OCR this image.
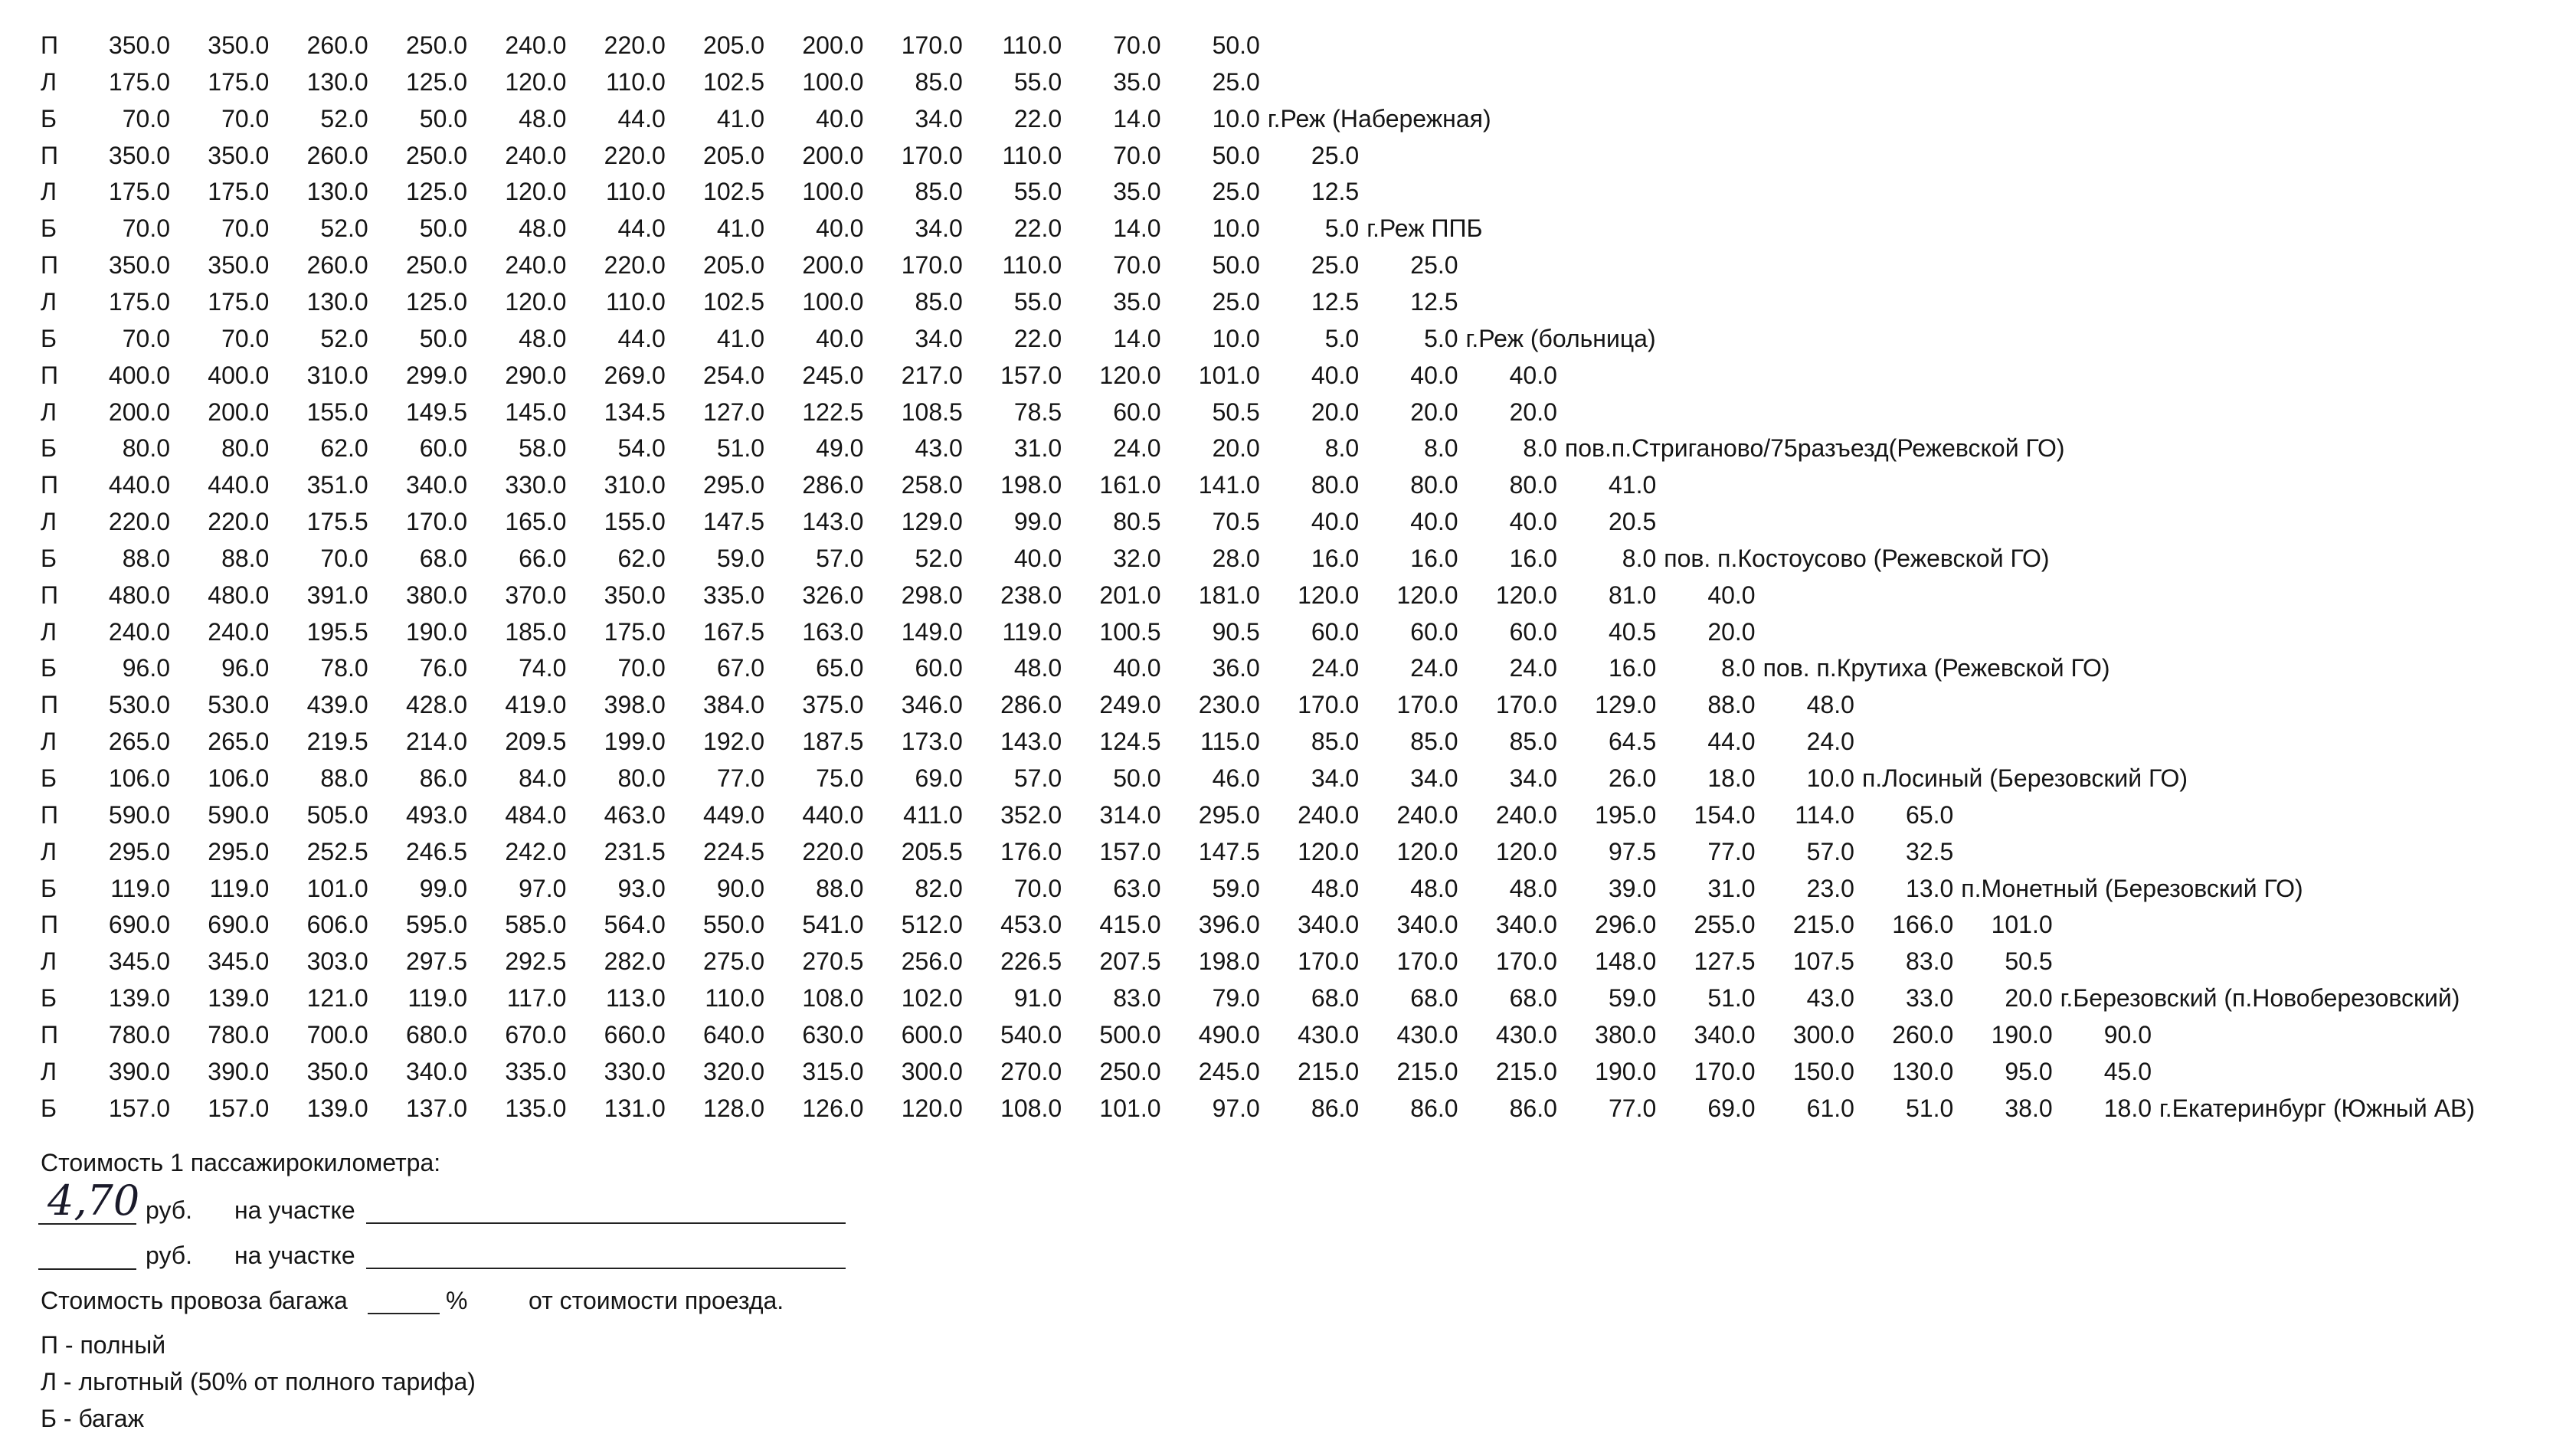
П	350.0	350.0	260.0	250.0	240.0	220.0	205.0	200.0	170.0	110.0	70.0	50.0
Л	175.0	175.0	130.0	125.0	120.0	110.0	102.5	100.0	85.0	55.0	35.0	25.0
Б	70.0	70.0	52.0	50.0	48.0	44.0	41.0	40.0	34.0	22.0	14.0	10.0 г.Реж (Набережная)
П	350.0	350.0	260.0	250.0	240.0	220.0	205.0	200.0	170.0	110.0	70.0	50.0	25.0
Л	175.0	175.0	130.0	125.0	120.0	110.0	102.5	100.0	85.0	55.0	35.0	25.0	12.5
Б	70.0	70.0	52.0	50.0	48.0	44.0	41.0	40.0	34.0	22.0	14.0	10.0	5.0 г.Реж ППБ
П	350.0	350.0	260.0	250.0	240.0	220.0	205.0	200.0	170.0	110.0	70.0	50.0	25.0	25.0
Л	175.0	175.0	130.0	125.0	120.0	110.0	102.5	100.0	85.0	55.0	35.0	25.0	12.5	12.5
Б	70.0	70.0	52.0	50.0	48.0	44.0	41.0	40.0	34.0	22.0	14.0	10.0	5.0	5.0 г.Реж (больница)
П	400.0	400.0	310.0	299.0	290.0	269.0	254.0	245.0	217.0	157.0	120.0	101.0	40.0	40.0	40.0
Л	200.0	200.0	155.0	149.5	145.0	134.5	127.0	122.5	108.5	78.5	60.0	50.5	20.0	20.0	20.0
Б	80.0	80.0	62.0	60.0	58.0	54.0	51.0	49.0	43.0	31.0	24.0	20.0	8.0	8.0	8.0 пов.п.Стриганово/75разъезд(Режевской ГО)
П	440.0	440.0	351.0	340.0	330.0	310.0	295.0	286.0	258.0	198.0	161.0	141.0	80.0	80.0	80.0	41.0
Л	220.0	220.0	175.5	170.0	165.0	155.0	147.5	143.0	129.0	99.0	80.5	70.5	40.0	40.0	40.0	20.5
Б	88.0	88.0	70.0	68.0	66.0	62.0	59.0	57.0	52.0	40.0	32.0	28.0	16.0	16.0	16.0	8.0 пов. п.Костоусово (Режевской ГО)
П	480.0	480.0	391.0	380.0	370.0	350.0	335.0	326.0	298.0	238.0	201.0	181.0	120.0	120.0	120.0	81.0	40.0
Л	240.0	240.0	195.5	190.0	185.0	175.0	167.5	163.0	149.0	119.0	100.5	90.5	60.0	60.0	60.0	40.5	20.0
Б	96.0	96.0	78.0	76.0	74.0	70.0	67.0	65.0	60.0	48.0	40.0	36.0	24.0	24.0	24.0	16.0	8.0 пов. п.Крутиха (Режевской ГО)
П	530.0	530.0	439.0	428.0	419.0	398.0	384.0	375.0	346.0	286.0	249.0	230.0	170.0	170.0	170.0	129.0	88.0	48.0
Л	265.0	265.0	219.5	214.0	209.5	199.0	192.0	187.5	173.0	143.0	124.5	115.0	85.0	85.0	85.0	64.5	44.0	24.0
Б	106.0	106.0	88.0	86.0	84.0	80.0	77.0	75.0	69.0	57.0	50.0	46.0	34.0	34.0	34.0	26.0	18.0	10.0 п.Лосиный (Березовский ГО)
П	590.0	590.0	505.0	493.0	484.0	463.0	449.0	440.0	411.0	352.0	314.0	295.0	240.0	240.0	240.0	195.0	154.0	114.0	65.0
Л	295.0	295.0	252.5	246.5	242.0	231.5	224.5	220.0	205.5	176.0	157.0	147.5	120.0	120.0	120.0	97.5	77.0	57.0	32.5
Б	119.0	119.0	101.0	99.0	97.0	93.0	90.0	88.0	82.0	70.0	63.0	59.0	48.0	48.0	48.0	39.0	31.0	23.0	13.0 п.Монетный (Березовский ГО)
П	690.0	690.0	606.0	595.0	585.0	564.0	550.0	541.0	512.0	453.0	415.0	396.0	340.0	340.0	340.0	296.0	255.0	215.0	166.0	101.0
Л	345.0	345.0	303.0	297.5	292.5	282.0	275.0	270.5	256.0	226.5	207.5	198.0	170.0	170.0	170.0	148.0	127.5	107.5	83.0	50.5
Б	139.0	139.0	121.0	119.0	117.0	113.0	110.0	108.0	102.0	91.0	83.0	79.0	68.0	68.0	68.0	59.0	51.0	43.0	33.0	20.0 г.Березовский (п.Новоберезовский)
П	780.0	780.0	700.0	680.0	670.0	660.0	640.0	630.0	600.0	540.0	500.0	490.0	430.0	430.0	430.0	380.0	340.0	300.0	260.0	190.0	90.0
Л	390.0	390.0	350.0	340.0	335.0	330.0	320.0	315.0	300.0	270.0	250.0	245.0	215.0	215.0	215.0	190.0	170.0	150.0	130.0	95.0	45.0
Б	157.0	157.0	139.0	137.0	135.0	131.0	128.0	126.0	120.0	108.0	101.0	97.0	86.0	86.0	86.0	77.0	69.0	61.0	51.0	38.0	18.0 г.Екатеринбург (Южный АВ)
Стоимость 1 пассажирокилометра:
4,70 руб. на участке
руб. на участке
Стоимость провоза багажа	% от стоимости проезда.
П - полный
Л - льготный (50% от полного тарифа)
Б - багаж
